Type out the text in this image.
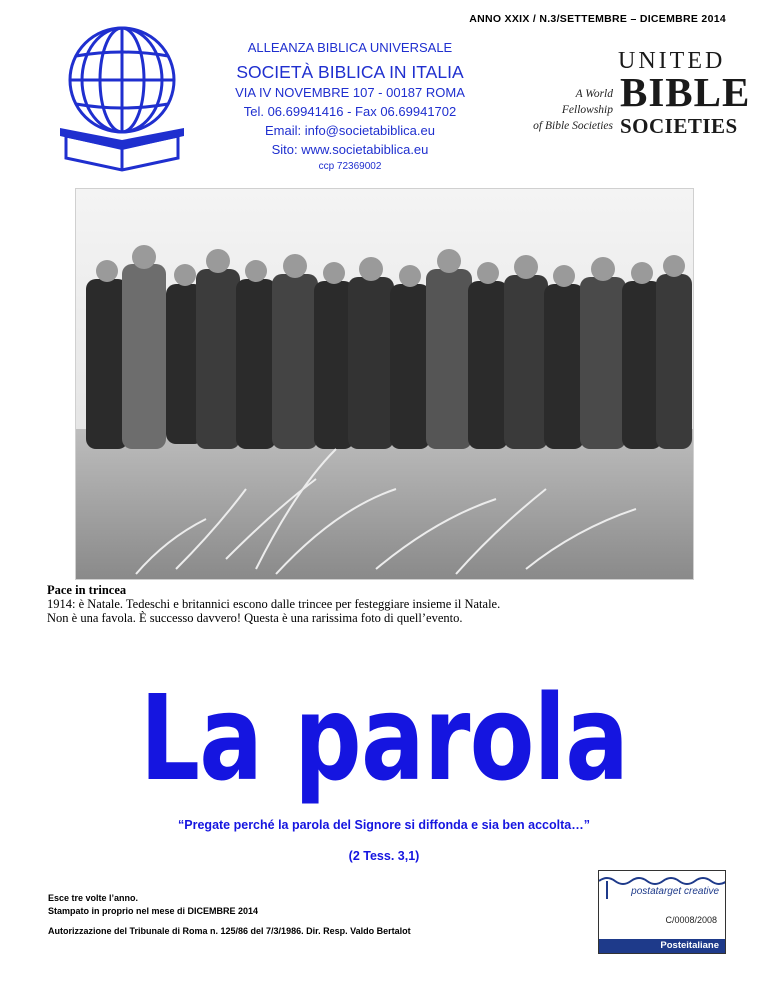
ANNO XXIX / N.3/SETTEMBRE – DICEMBRE 2014
ALLEANZA BIBLICA UNIVERSALE
SOCIETÀ BIBLICA IN ITALIA
VIA IV NOVEMBRE 107 - 00187 ROMA
Tel. 06.69941416 - Fax 06.69941702
Email: info@societabiblica.eu
Sito: www.societabiblica.eu
ccp 72369002
A World
Fellowship
of Bible Societies
UNITED
BIBLE
SOCIETIES
Pace in trincea
1914: è Natale. Tedeschi e britannici escono dalle trincee per festeggiare insieme il Natale.
Non è una favola. È successo davvero! Questa è una rarissima foto di quell’evento.
La parola
“Pregate perché la parola del Signore si diffonda e sia ben accolta…”
(2 Tess. 3,1)
Esce tre volte l’anno.
Stampato in proprio nel mese di DICEMBRE 2014
Autorizzazione del Tribunale di Roma n. 125/86 del 7/3/1986. Dir. Resp. Valdo Bertalot
postatarget creative
C/0008/2008
Posteitaliane
